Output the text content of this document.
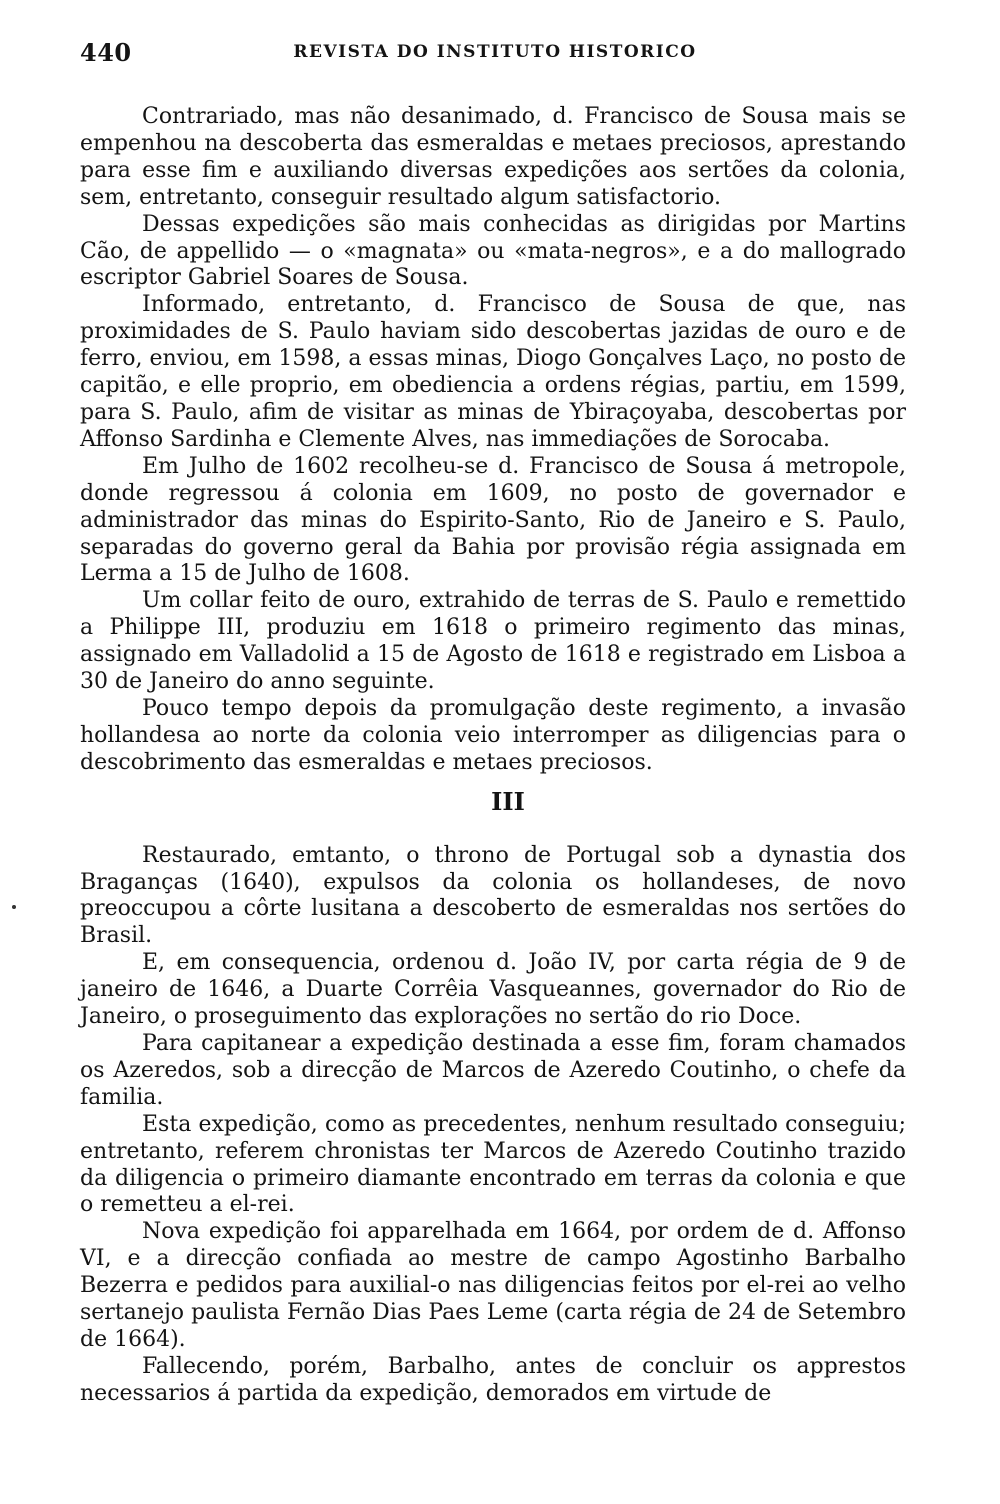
440	REVISTA DO INSTITUTO HISTORICO

Contrariado, mas não desanimado, d. Francisco de Sousa mais se empenhou na descoberta das esmeraldas e metaes preciosos, aprestando para esse fim e auxiliando diversas expedições aos sertões da colonia, sem, entretanto, conseguir resultado algum satisfactorio.

Dessas expedições são mais conhecidas as dirigidas por Martins Cão, de appellido — o «magnata» ou «mata-negros», e a do mallogrado escriptor Gabriel Soares de Sousa.

Informado, entretanto, d. Francisco de Sousa de que, nas proximidades de S. Paulo haviam sido descobertas jazidas de ouro e de ferro, enviou, em 1598, a essas minas, Diogo Gonçalves Laço, no posto de capitão, e elle proprio, em obediencia a ordens régias, partiu, em 1599, para S. Paulo, afim de visitar as minas de Ybiraçoyaba, descobertas por Affonso Sardinha e Clemente Alves, nas immediações de Sorocaba.

Em Julho de 1602 recolheu-se d. Francisco de Sousa á metropole, donde regressou á colonia em 1609, no posto de governador e administrador das minas do Espirito-Santo, Rio de Janeiro e S. Paulo, separadas do governo geral da Bahia por provisão régia assignada em Lerma a 15 de Julho de 1608.

Um collar feito de ouro, extrahido de terras de S. Paulo e remettido a Philippe III, produziu em 1618 o primeiro regimento das minas, assignado em Valladolid a 15 de Agosto de 1618 e registrado em Lisboa a 30 de Janeiro do anno seguinte.

Pouco tempo depois da promulgação deste regimento, a invasão hollandesa ao norte da colonia veio interromper as diligencias para o descobrimento das esmeraldas e metaes preciosos.

III

Restaurado, emtanto, o throno de Portugal sob a dynastia dos Braganças (1640), expulsos da colonia os hollandeses, de novo preoccupou a côrte lusitana a descoberto de esmeraldas nos sertões do Brasil.

E, em consequencia, ordenou d. João IV, por carta régia de 9 de janeiro de 1646, a Duarte Corrêia Vasqueannes, governador do Rio de Janeiro, o proseguimento das explorações no sertão do rio Doce.

Para capitanear a expedição destinada a esse fim, foram chamados os Azeredos, sob a direcção de Marcos de Azeredo Coutinho, o chefe da familia.

Esta expedição, como as precedentes, nenhum resultado conseguiu; entretanto, referem chronistas ter Marcos de Azeredo Coutinho trazido da diligencia o primeiro diamante encontrado em terras da colonia e que o remetteu a el-rei.

Nova expedição foi apparelhada em 1664, por ordem de d. Affonso VI, e a direcção confiada ao mestre de campo Agostinho Barbalho Bezerra e pedidos para auxilial-o nas diligencias feitos por el-rei ao velho sertanejo paulista Fernão Dias Paes Leme (carta régia de 24 de Setembro de 1664).

Fallecendo, porém, Barbalho, antes de concluir os apprestos necessarios á partida da expedição, demorados em virtude de
